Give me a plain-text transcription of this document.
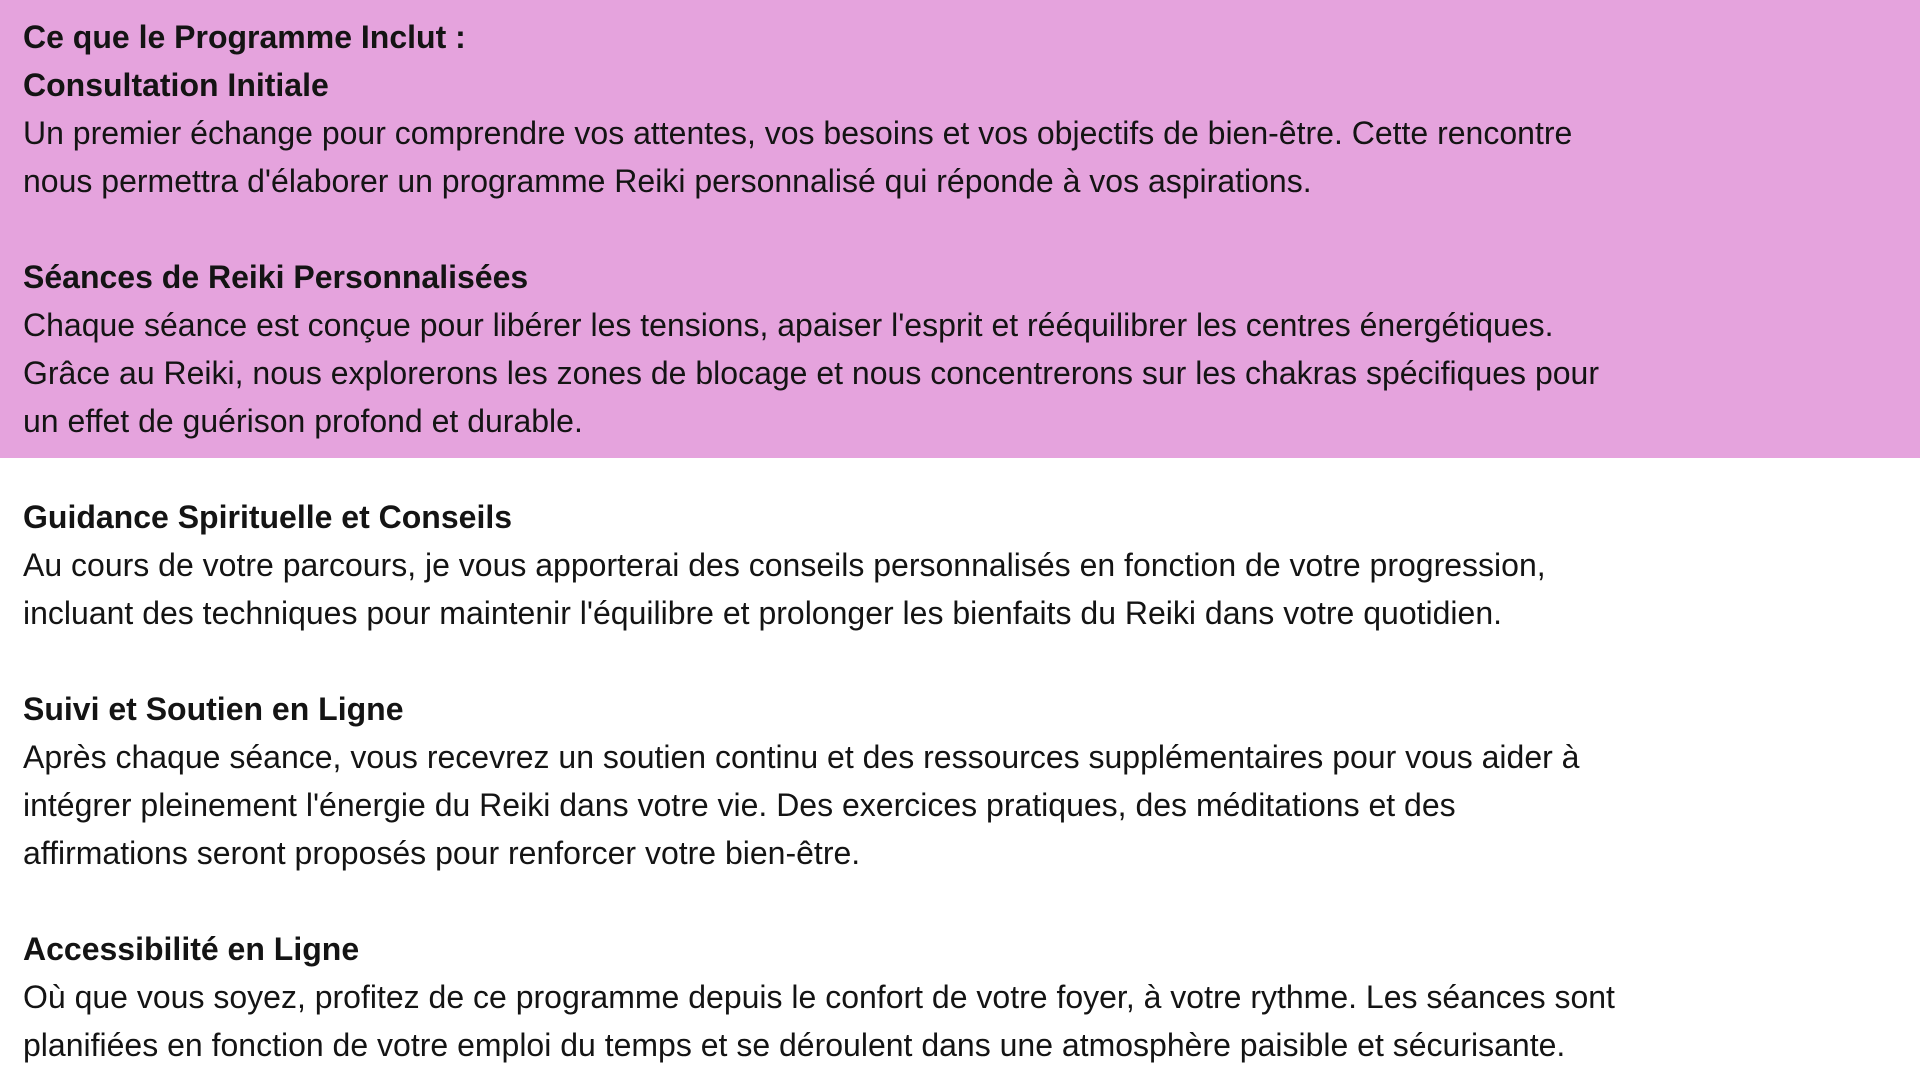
Ce que le Programme Inclut :
Consultation Initiale
Un premier échange pour comprendre vos attentes, vos besoins et vos objectifs de bien-être. Cette rencontre
nous permettra d'élaborer un programme Reiki personnalisé qui réponde à vos aspirations.
Séances de Reiki Personnalisées
Chaque séance est conçue pour libérer les tensions, apaiser l'esprit et rééquilibrer les centres énergétiques.
Grâce au Reiki, nous explorerons les zones de blocage et nous concentrerons sur les chakras spécifiques pour
un effet de guérison profond et durable.
Guidance Spirituelle et Conseils
Au cours de votre parcours, je vous apporterai des conseils personnalisés en fonction de votre progression,
incluant des techniques pour maintenir l'équilibre et prolonger les bienfaits du Reiki dans votre quotidien.
Suivi et Soutien en Ligne
Après chaque séance, vous recevrez un soutien continu et des ressources supplémentaires pour vous aider à
intégrer pleinement l'énergie du Reiki dans votre vie. Des exercices pratiques, des méditations et des
affirmations seront proposés pour renforcer votre bien-être.
Accessibilité en Ligne
Où que vous soyez, profitez de ce programme depuis le confort de votre foyer, à votre rythme. Les séances sont
planifiées en fonction de votre emploi du temps et se déroulent dans une atmosphère paisible et sécurisante.
